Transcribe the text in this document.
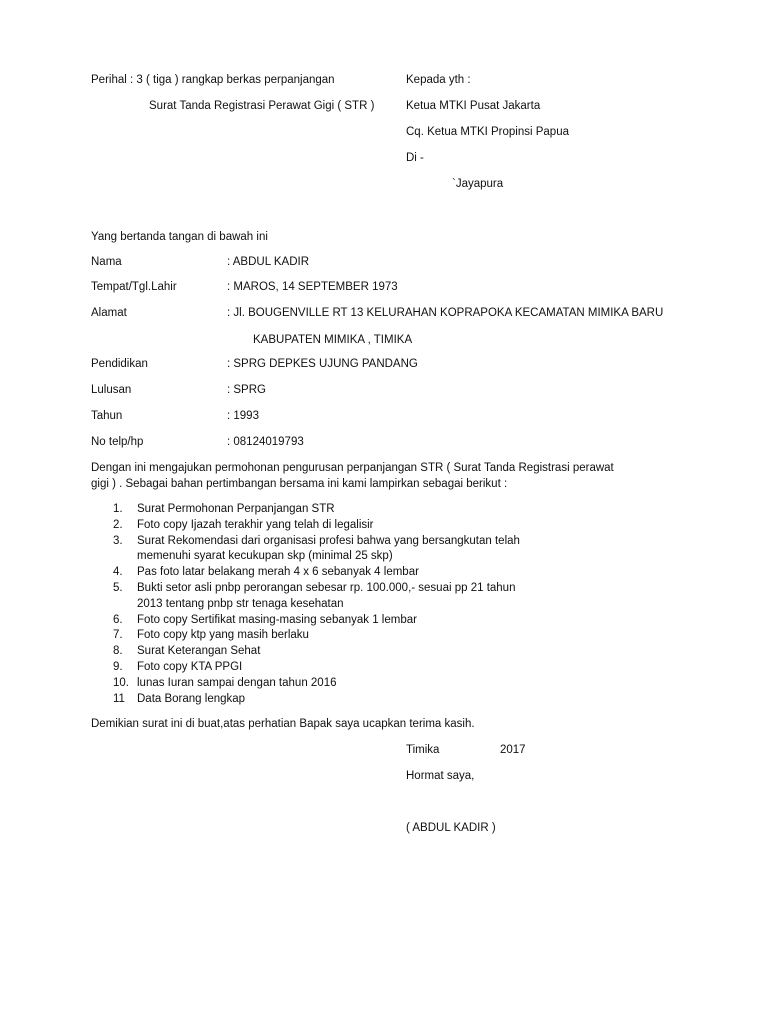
Perihal : 3 ( tiga ) rangkap berkas perpanjangan
Surat Tanda Registrasi Perawat Gigi ( STR )
Kepada yth :
Ketua MTKI Pusat Jakarta
Cq. Ketua MTKI Propinsi Papua
Di -
`Jayapura
Yang bertanda tangan di bawah ini
Nama	: ABDUL KADIR
Tempat/Tgl.Lahir	: MAROS, 14 SEPTEMBER 1973
Alamat	: Jl. BOUGENVILLE RT 13 KELURAHAN KOPRAPOKA KECAMATAN MIMIKA BARU
KABUPATEN MIMIKA , TIMIKA
Pendidikan	: SPRG DEPKES UJUNG PANDANG
Lulusan	: SPRG
Tahun	: 1993
No telp/hp	: 08124019793
Dengan ini mengajukan permohonan pengurusan perpanjangan STR ( Surat Tanda Registrasi perawat
gigi ) . Sebagai bahan pertimbangan bersama ini kami lampirkan sebagai berikut :
1. Surat Permohonan Perpanjangan STR
2. Foto copy Ijazah terakhir yang telah di legalisir
3. Surat Rekomendasi dari organisasi profesi bahwa yang bersangkutan telah
memenuhi syarat kecukupan skp (minimal 25 skp)
4. Pas foto latar belakang merah 4 x 6 sebanyak 4 lembar
5. Bukti setor asli pnbp perorangan sebesar rp. 100.000,- sesuai pp 21 tahun
2013 tentang pnbp str tenaga kesehatan
6. Foto copy Sertifikat masing-masing sebanyak 1 lembar
7. Foto copy ktp yang masih berlaku
8. Surat Keterangan Sehat
9. Foto copy KTA PPGI
10. lunas Iuran sampai dengan tahun 2016
11 Data Borang lengkap
Demikian surat ini di buat,atas perhatian Bapak saya ucapkan terima kasih.
Timika	2017
Hormat saya,
( ABDUL KADIR )
